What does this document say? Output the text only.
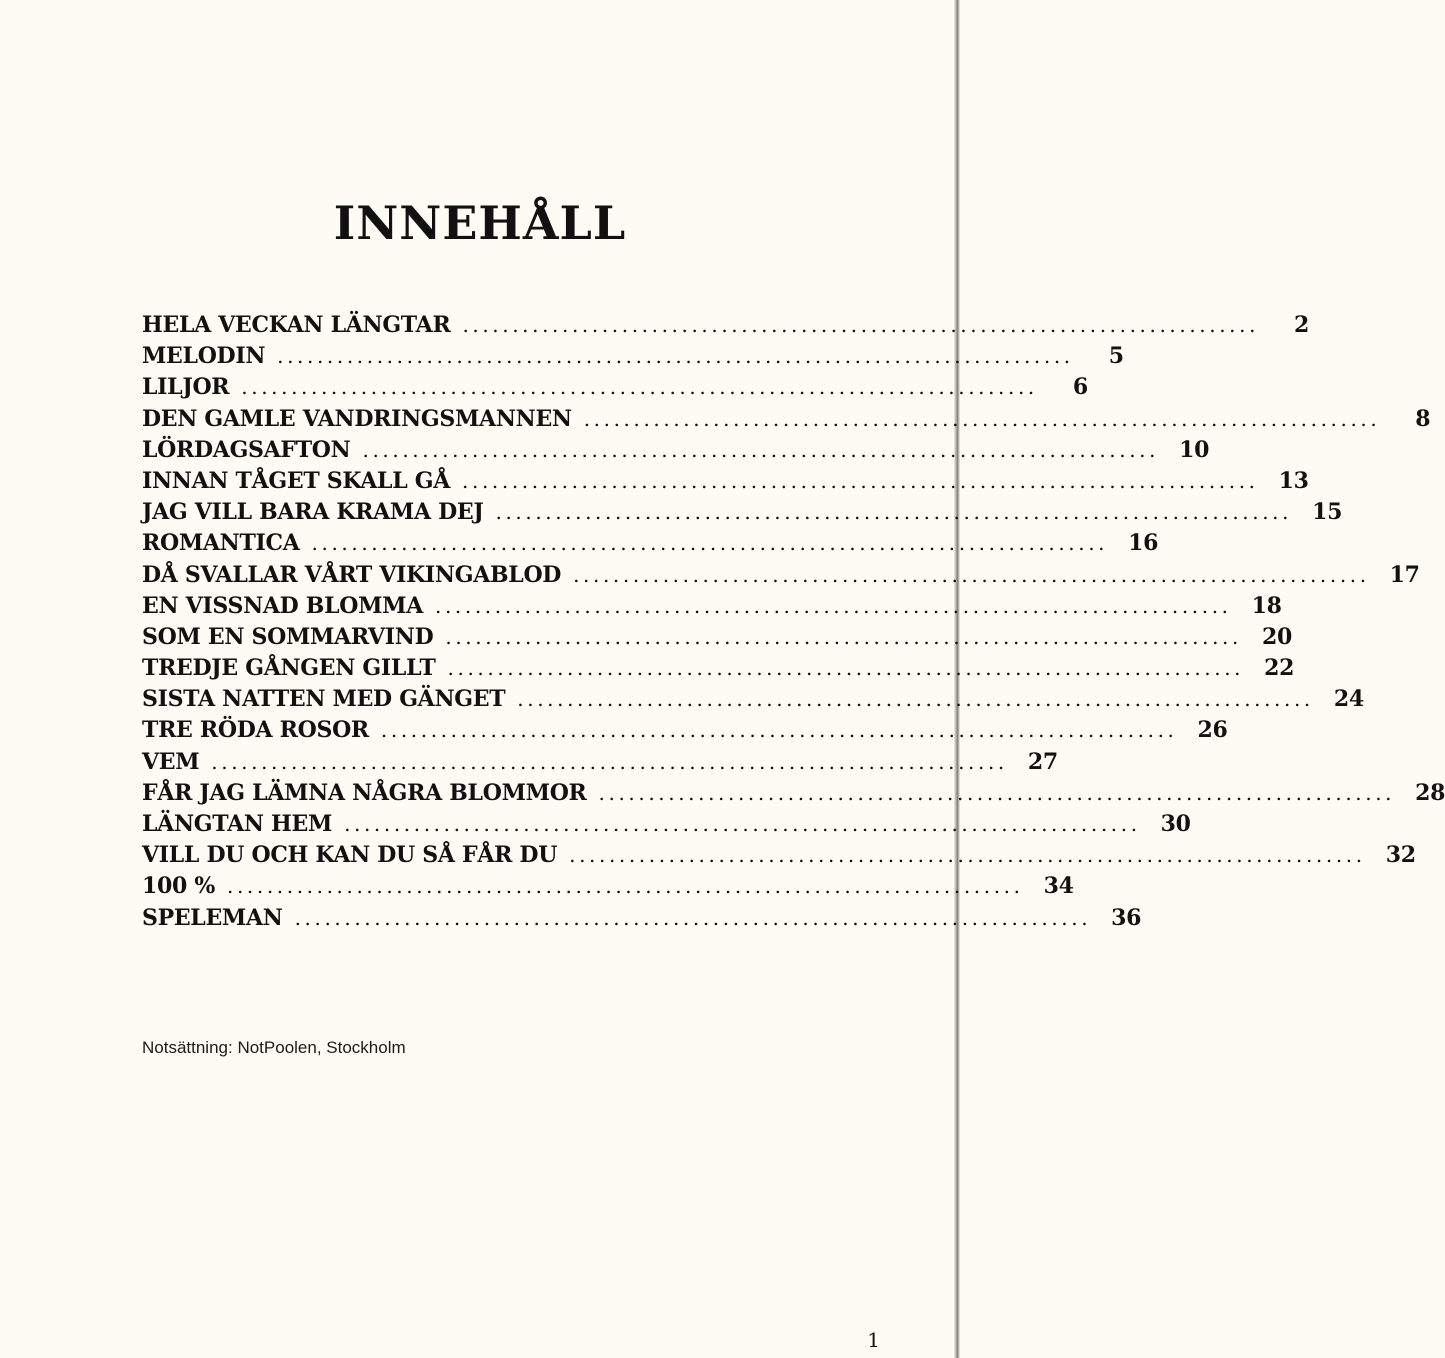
INNEHÅLL
HELA VECKAN LÄNGTAR ................................................................................	2
MELODIN ................................................................................	5
LILJOR ................................................................................	6
DEN GAMLE VANDRINGSMANNEN ................................................................................	8
LÖRDAGSAFTON ................................................................................ 10
INNAN TÅGET SKALL GÅ ................................................................................ 13
JAG VILL BARA KRAMA DEJ ................................................................................ 15
ROMANTICA ................................................................................ 16
DÅ SVALLAR VÅRT VIKINGABLOD ................................................................................ 17
EN VISSNAD BLOMMA ................................................................................ 18
SOM EN SOMMARVIND ................................................................................ 20
TREDJE GÅNGEN GILLT ................................................................................ 22
SISTA NATTEN MED GÄNGET ................................................................................ 24
TRE RÖDA ROSOR ................................................................................ 26
VEM ................................................................................ 27
FÅR JAG LÄMNA NÅGRA BLOMMOR ................................................................................ 28
LÄNGTAN HEM ................................................................................ 30
VILL DU OCH KAN DU SÅ FÅR DU ................................................................................ 32
100 % ................................................................................ 34
SPELEMAN ................................................................................ 36
Notsättning: NotPoolen, Stockholm
1
